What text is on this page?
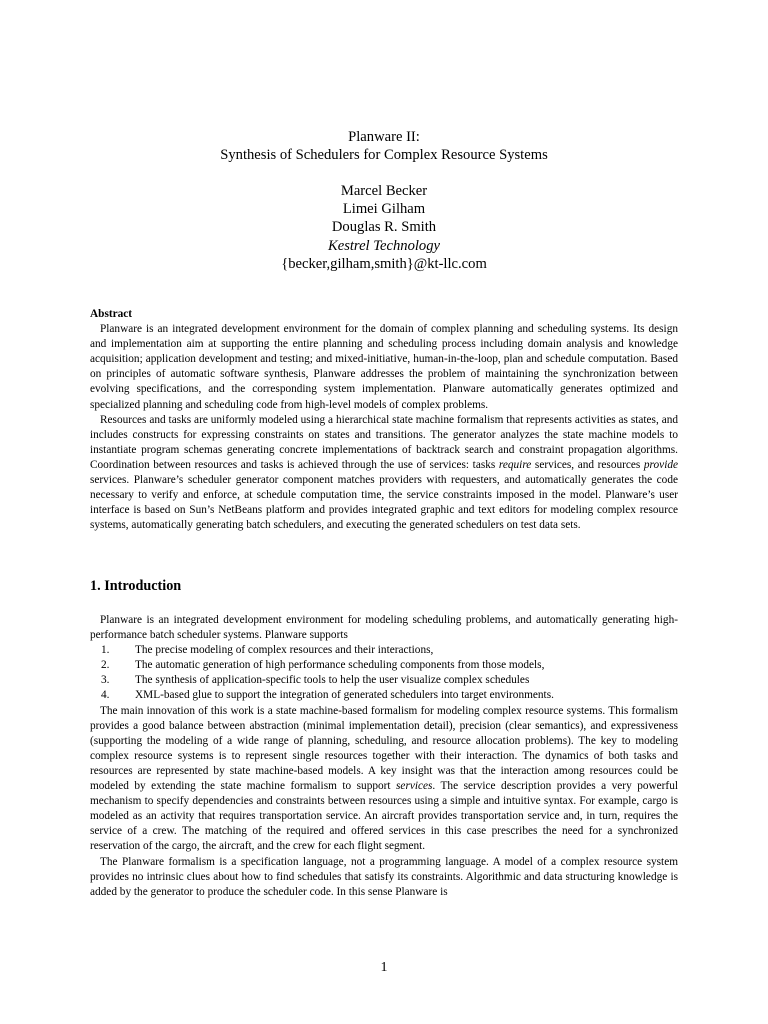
Planware II:
Synthesis of Schedulers for Complex Resource Systems
Marcel Becker
Limei Gilham
Douglas R. Smith
Kestrel Technology
{becker,gilham,smith}@kt-llc.com

Abstract

Planware is an integrated development environment for the domain of complex planning and scheduling systems. Its design and implementation aim at supporting the entire planning and scheduling process including domain analysis and knowledge acquisition; application development and testing; and mixed-initiative, human-in-the-loop, plan and schedule computation. Based on principles of automatic software synthesis, Planware addresses the problem of maintaining the synchronization between evolving specifications, and the corresponding system implementation. Planware automatically generates optimized and specialized planning and scheduling code from high-level models of complex problems.

Resources and tasks are uniformly modeled using a hierarchical state machine formalism that represents activities as states, and includes constructs for expressing constraints on states and transitions. The generator analyzes the state machine models to instantiate program schemas generating concrete implementations of backtrack search and constraint propagation algorithms. Coordination between resources and tasks is achieved through the use of services: tasks require services, and resources provide services. Planware’s scheduler generator component matches providers with requesters, and automatically generates the code necessary to verify and enforce, at schedule computation time, the service constraints imposed in the model. Planware’s user interface is based on Sun’s NetBeans platform and provides integrated graphic and text editors for modeling complex resource systems, automatically generating batch schedulers, and executing the generated schedulers on test data sets.

1. Introduction

Planware is an integrated development environment for modeling scheduling problems, and automatically generating high-performance batch scheduler systems. Planware supports

1. The precise modeling of complex resources and their interactions,
2. The automatic generation of high performance scheduling components from those models,
3. The synthesis of application-specific tools to help the user visualize complex schedules
4. XML-based glue to support the integration of generated schedulers into target environments.

The main innovation of this work is a state machine-based formalism for modeling complex resource systems. This formalism provides a good balance between abstraction (minimal implementation detail), precision (clear semantics), and expressiveness (supporting the modeling of a wide range of planning, scheduling, and resource allocation problems). The key to modeling complex resource systems is to represent single resources together with their interaction. The dynamics of both tasks and resources are represented by state machine-based models. A key insight was that the interaction among resources could be modeled by extending the state machine formalism to support services. The service description provides a very powerful mechanism to specify dependencies and constraints between resources using a simple and intuitive syntax. For example, cargo is modeled as an activity that requires transportation service. An aircraft provides transportation service and, in turn, requires the service of a crew. The matching of the required and offered services in this case prescribes the need for a synchronized reservation of the cargo, the aircraft, and the crew for each flight segment.

The Planware formalism is a specification language, not a programming language. A model of a complex resource system provides no intrinsic clues about how to find schedules that satisfy its constraints. Algorithmic and data structuring knowledge is added by the generator to produce the scheduler code. In this sense Planware is

1
